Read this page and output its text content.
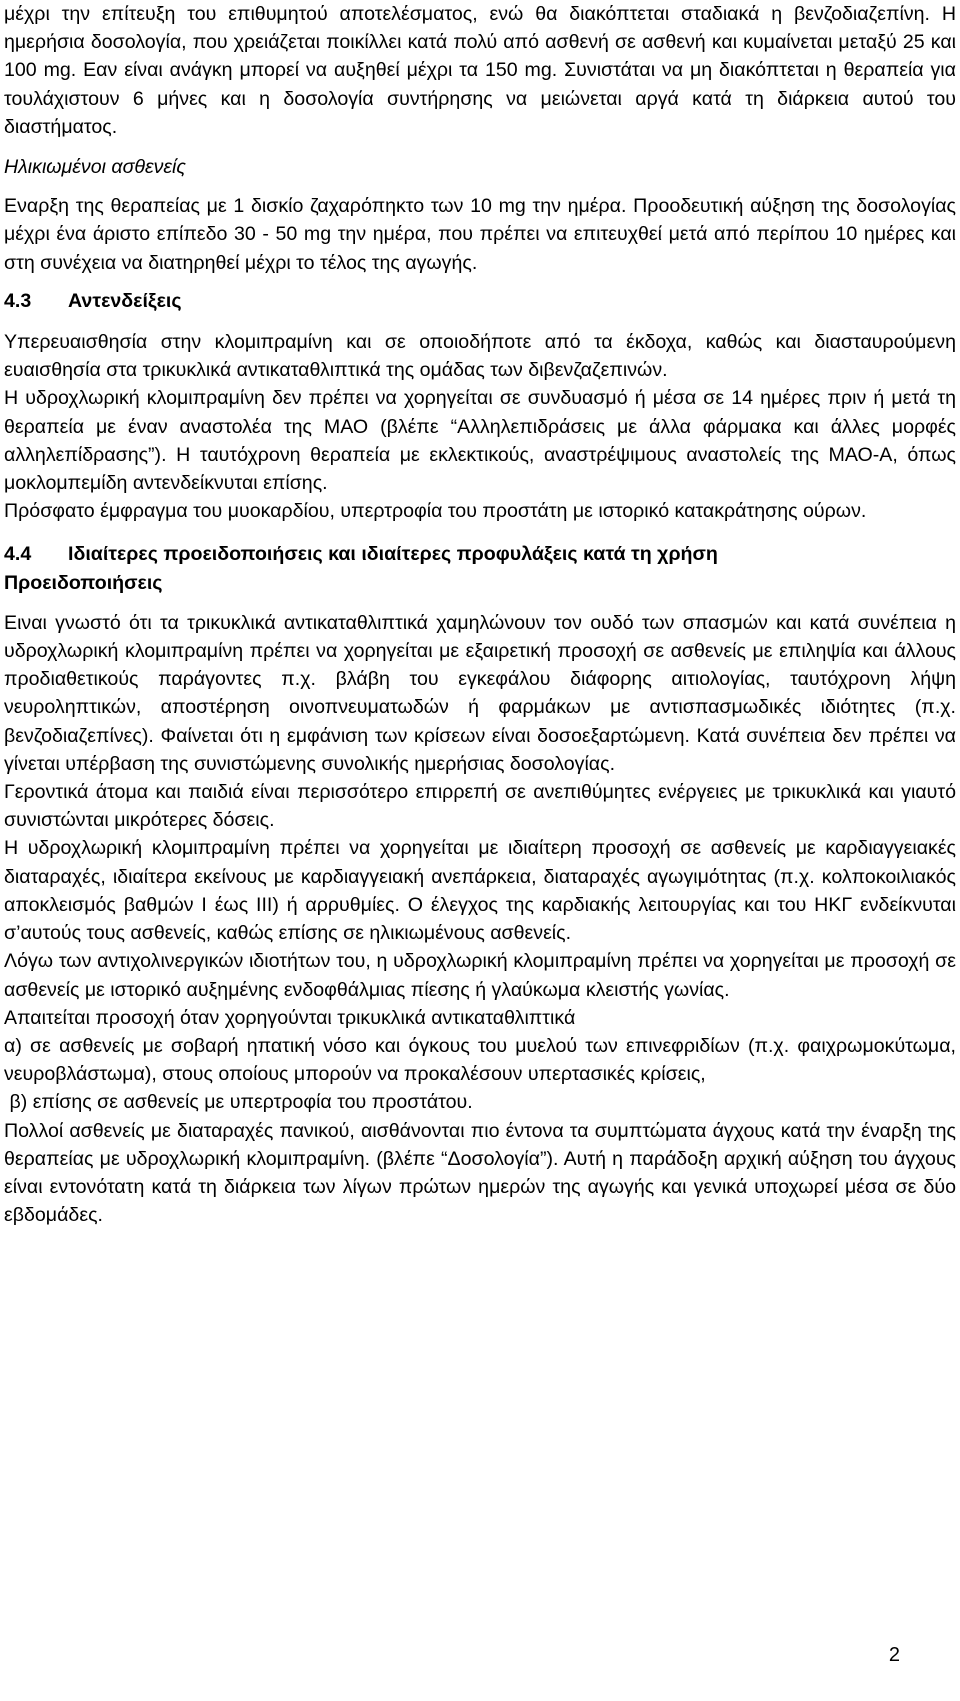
μέχρι την επίτευξη του επιθυμητού αποτελέσματος, ενώ θα διακόπτεται σταδιακά η βενζοδιαζεπίνη. Η ημερήσια δοσολογία, που χρειάζεται ποικίλλει κατά πολύ από ασθενή σε ασθενή και κυμαίνεται μεταξύ 25 και 100 mg. Εαν είναι ανάγκη μπορεί να αυξηθεί μέχρι τα 150 mg. Συνιστάται να μη διακόπτεται η θεραπεία για τουλάχιστουν 6 μήνες και η δοσολογία συντήρησης να μειώνεται αργά κατά τη διάρκεια αυτού του διαστήματος.

Ηλικιωμένοι ασθενείς

Εναρξη της θεραπείας με 1 δισκίο ζαχαρόπηκτο των 10 mg την ημέρα. Προοδευτική αύξηση της δοσολογίας μέχρι ένα άριστο επίπεδο 30 - 50 mg την ημέρα, που πρέπει να επιτευχθεί μετά από περίπου 10 ημέρες και στη συνέχεια να διατηρηθεί μέχρι το τέλος της αγωγής.

4.3 Αντενδείξεις

Υπερευαισθησία στην κλομιπραμίνη και σε οποιοδήποτε από τα έκδοχα, καθώς και διασταυρούμενη ευαισθησία στα τρικυκλικά αντικαταθλιπτικά της ομάδας των διβενζαζεπινών.

Η υδροχλωρική κλομιπραμίνη δεν πρέπει να χορηγείται σε συνδυασμό ή μέσα σε 14 ημέρες πριν ή μετά τη θεραπεία με έναν αναστολέα της ΜΑΟ (βλέπε “Αλληλεπιδράσεις με άλλα φάρμακα και άλλες μορφές αλληλεπίδρασης”). Η ταυτόχρονη θεραπεία με εκλεκτικούς, αναστρέψιμους αναστολείς της ΜΑΟ-Α, όπως μοκλομπεμίδη αντενδείκνυται επίσης.

Πρόσφατο έμφραγμα του μυοκαρδίου, υπερτροφία του προστάτη με ιστορικό κατακράτησης ούρων.

4.4 Ιδιαίτερες προειδοποιήσεις και ιδιαίτερες προφυλάξεις κατά τη χρήση
Προειδοποιήσεις

Eιναι γνωστό ότι τα τρικυκλικά αντικαταθλιπτικά χαμηλώνουν τον ουδό των σπασμών και κατά συνέπεια η υδροχλωρική κλομιπραμίνη πρέπει να χορηγείται με εξαιρετική προσοχή σε ασθενείς με επιληψία και άλλους προδιαθετικούς παράγοντες π.χ. βλάβη του εγκεφάλου διάφορης αιτιολογίας, ταυτόχρονη λήψη νευροληπτικών, αποστέρηση οινοπνευματωδών ή φαρμάκων με αντισπασμωδικές ιδιότητες (π.χ. βενζοδιαζεπίνες). Φαίνεται ότι η εμφάνιση των κρίσεων είναι δοσοεξαρτώμενη. Κατά συνέπεια δεν πρέπει να γίνεται υπέρβαση της συνιστώμενης συνολικής ημερήσιας δοσολογίας.

Γεροντικά άτομα και παιδιά είναι περισσότερο επιρρεπή σε ανεπιθύμητες ενέργειες με τρικυκλικά και γιαυτό συνιστώνται μικρότερες δόσεις.

Η υδροχλωρική κλομιπραμίνη πρέπει να χορηγείται με ιδιαίτερη προσοχή σε ασθενείς με καρδιαγγειακές διαταραχές, ιδιαίτερα εκείνους με καρδιαγγειακή ανεπάρκεια, διαταραχές αγωγιμότητας (π.χ. κολποκοιλιακός αποκλεισμός βαθμών Ι έως ΙΙΙ) ή αρρυθμίες. Ο έλεγχος της καρδιακής λειτουργίας και του ΗΚΓ ενδείκνυται σ’αυτούς τους ασθενείς, καθώς επίσης σε ηλικιωμένους ασθενείς.

Λόγω των αντιχολινεργικών ιδιοτήτων του, η υδροχλωρική κλομιπραμίνη πρέπει να χορηγείται με προσοχή σε ασθενείς με ιστορικό αυξημένης ενδοφθάλμιας πίεσης ή γλαύκωμα κλειστής γωνίας.

Απαιτείται προσοχή όταν χορηγούνται τρικυκλικά αντικαταθλιπτικά

α) σε ασθενείς με σοβαρή ηπατική νόσο και όγκους του μυελού των επινεφριδίων (π.χ. φαιχρωμοκύτωμα, νευροβλάστωμα), στους οποίους μπορούν να προκαλέσουν υπερτασικές κρίσεις,

β) επίσης σε ασθενείς με υπερτροφία του προστάτου.

Πολλοί ασθενείς με διαταραχές πανικού, αισθάνονται πιο έντονα τα συμπτώματα άγχους κατά την έναρξη της θεραπείας με υδροχλωρική κλομιπραμίνη. (βλέπε “Δοσολογία”). Αυτή η παράδοξη αρχική αύξηση του άγχους είναι εντονότατη κατά τη διάρκεια των λίγων πρώτων ημερών της αγωγής και γενικά υποχωρεί μέσα σε δύο εβδομάδες.

2
